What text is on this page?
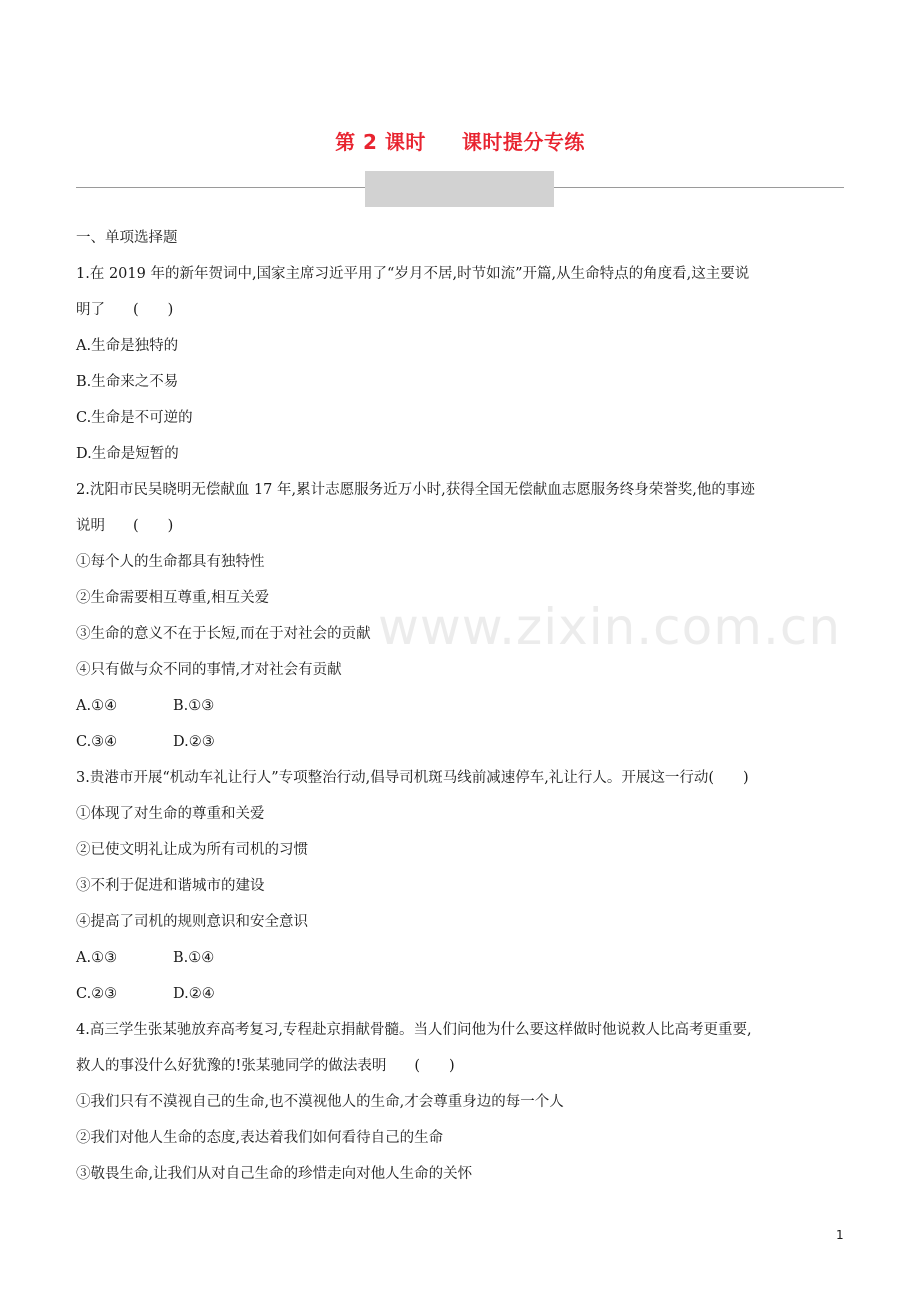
第 2 课时 课时提分专练
www.zixin.com.cn
一、单项选择题
1.在 2019 年的新年贺词中,国家主席习近平用了“岁月不居,时节如流”开篇,从生命特点的角度看,这主要说
明了 (　　)
A.生命是独特的
B.生命来之不易
C.生命是不可逆的
D.生命是短暂的
2.沈阳市民吴晓明无偿献血 17 年,累计志愿服务近万小时,获得全国无偿献血志愿服务终身荣誉奖,他的事迹
说明 (　　)
①每个人的生命都具有独特性
②生命需要相互尊重,相互关爱
③生命的意义不在于长短,而在于对社会的贡献
④只有做与众不同的事情,才对社会有贡献
A.①④	B.①③
C.③④	D.②③
3.贵港市开展“机动车礼让行人”专项整治行动,倡导司机斑马线前减速停车,礼让行人。开展这一行动(　　)
①体现了对生命的尊重和关爱
②已使文明礼让成为所有司机的习惯
③不利于促进和谐城市的建设
④提高了司机的规则意识和安全意识
A.①③	B.①④
C.②③	D.②④
4.高三学生张某驰放弃高考复习,专程赴京捐献骨髓。当人们问他为什么要这样做时他说救人比高考更重要,
救人的事没什么好犹豫的!张某驰同学的做法表明 (　　)
①我们只有不漠视自己的生命,也不漠视他人的生命,才会尊重身边的每一个人
②我们对他人生命的态度,表达着我们如何看待自己的生命
③敬畏生命,让我们从对自己生命的珍惜走向对他人生命的关怀
1
